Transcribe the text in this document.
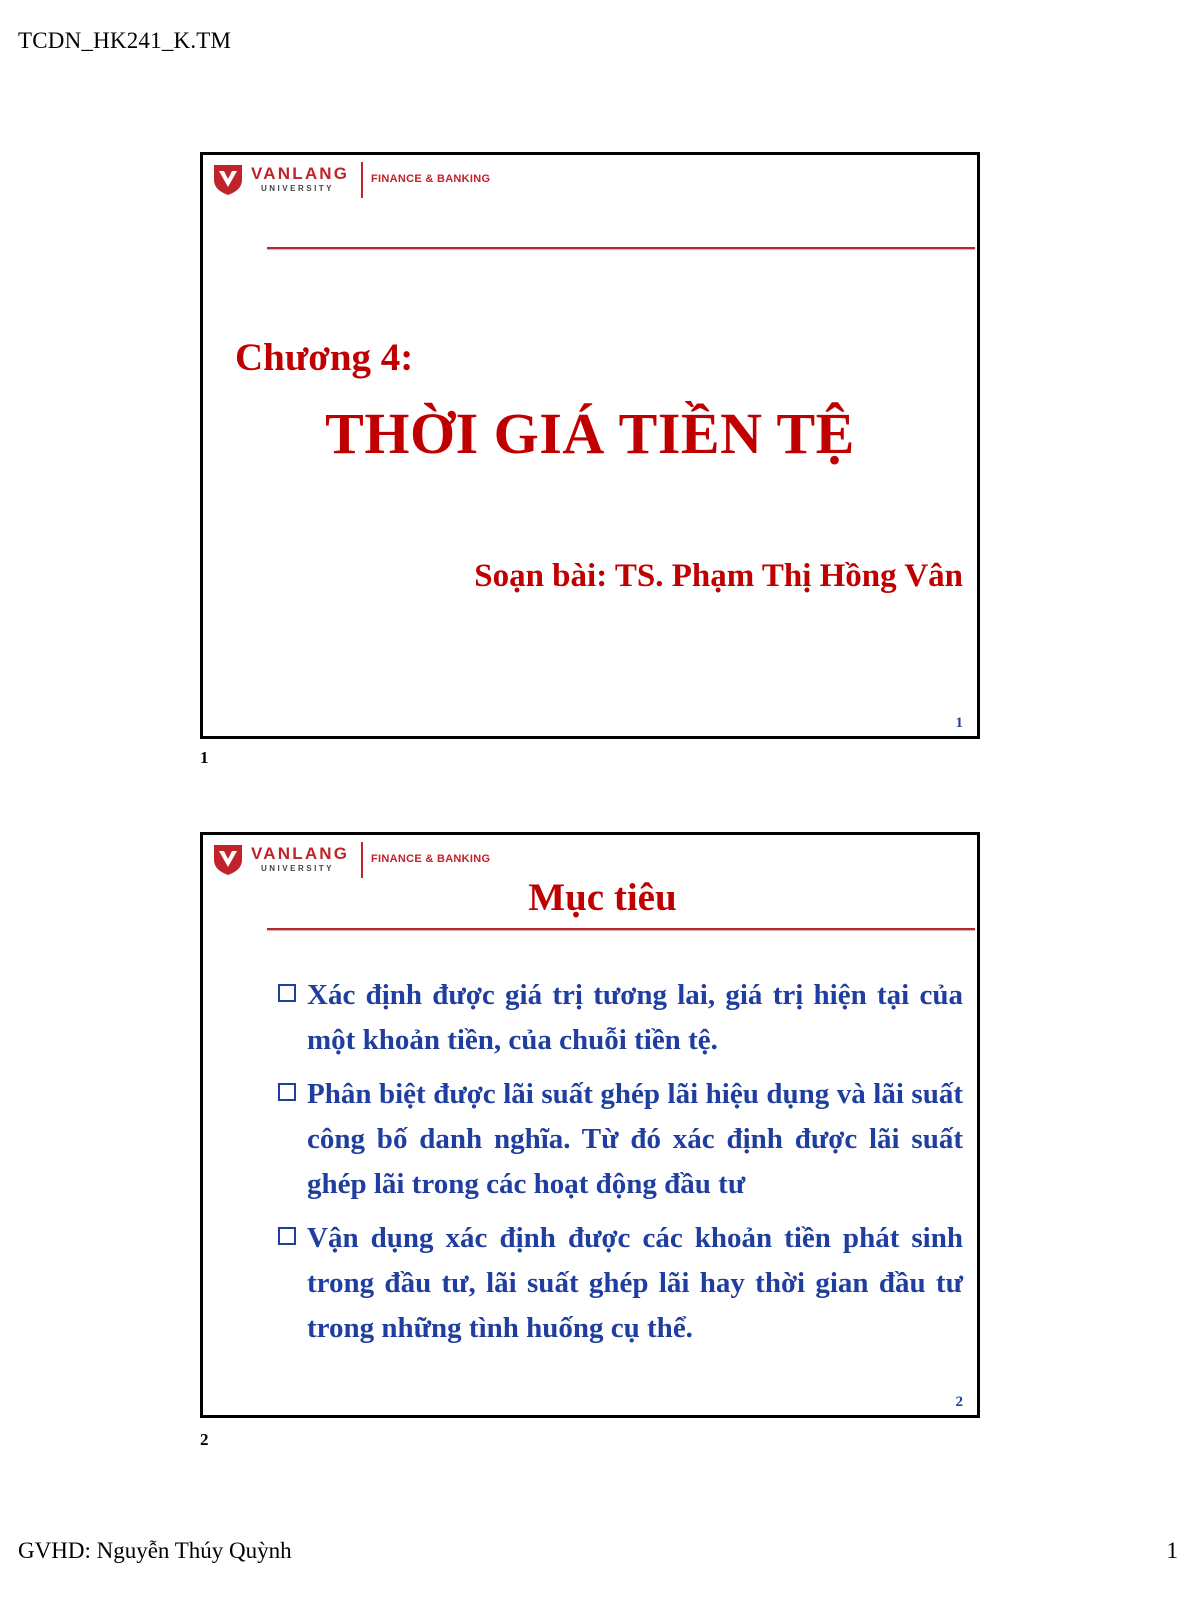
TCDN_HK241_K.TM
VANLANG
UNIVERSITY
FINANCE & BANKING
Chương 4:
THỜI GIÁ TIỀN TỆ
Soạn bài: TS. Phạm Thị Hồng Vân
1
1
VANLANG
UNIVERSITY
FINANCE & BANKING
Mục tiêu
Xác định được giá trị tương lai, giá trị hiện tại của một khoản tiền, của chuỗi tiền tệ.
Phân biệt được lãi suất ghép lãi hiệu dụng và lãi suất công bố danh nghĩa. Từ đó xác định được lãi suất ghép lãi trong các hoạt động đầu tư
Vận dụng xác định được các khoản tiền phát sinh trong đầu tư, lãi suất ghép lãi hay thời gian đầu tư trong những tình huống cụ thể.
2
2
GVHD: Nguyễn Thúy Quỳnh	1
